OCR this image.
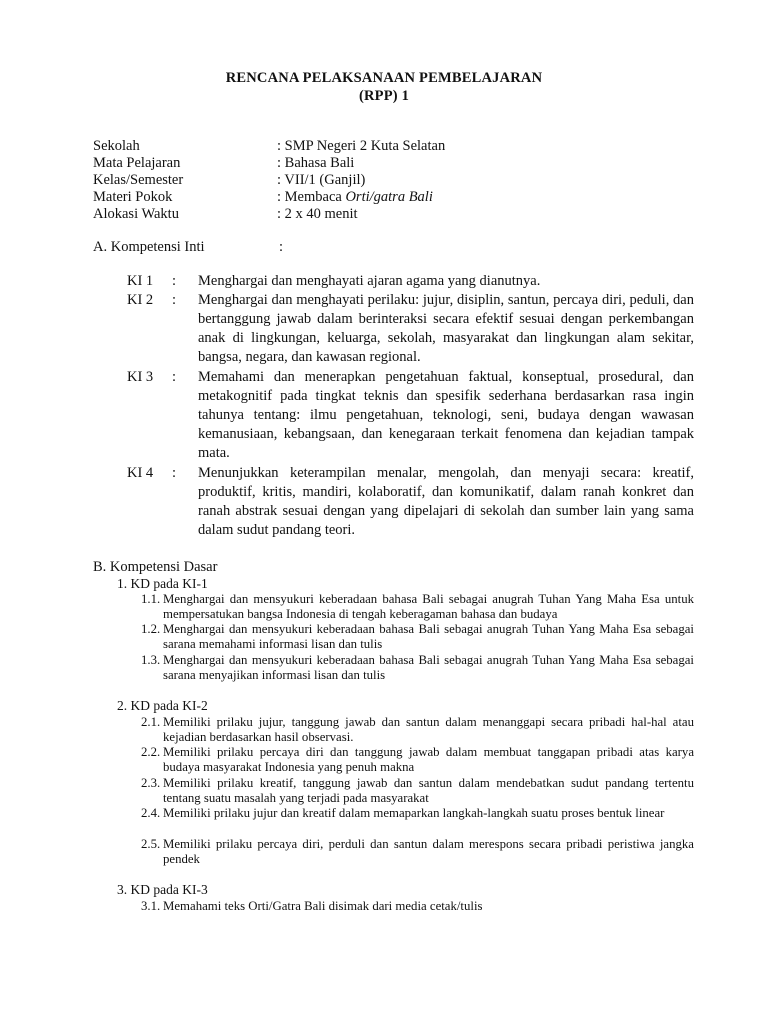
RENCANA PELAKSANAAN PEMBELAJARAN
(RPP) 1
Sekolah	: SMP Negeri 2 Kuta Selatan
Mata Pelajaran	: Bahasa Bali
Kelas/Semester	: VII/1 (Ganjil)
Materi Pokok	: Membaca Orti/gatra Bali
Alokasi Waktu	: 2 x 40 menit
A. Kompetensi Inti	:
KI 1 : Menghargai dan menghayati ajaran agama yang dianutnya.
KI 2 : Menghargai dan menghayati perilaku: jujur, disiplin, santun, percaya diri, peduli, dan bertanggung jawab dalam berinteraksi secara efektif sesuai dengan perkembangan anak di lingkungan, keluarga, sekolah, masyarakat dan lingkungan alam sekitar, bangsa, negara, dan kawasan regional.
KI 3 : Memahami dan menerapkan pengetahuan faktual, konseptual, prosedural, dan metakognitif pada tingkat teknis dan spesifik sederhana berdasarkan rasa ingin tahunya tentang: ilmu pengetahuan, teknologi, seni, budaya dengan wawasan kemanusiaan, kebangsaan, dan kenegaraan terkait fenomena dan kejadian tampak mata.
KI 4 : Menunjukkan keterampilan menalar, mengolah, dan menyaji secara: kreatif, produktif, kritis, mandiri, kolaboratif, dan komunikatif, dalam ranah konkret dan ranah abstrak sesuai dengan yang dipelajari di sekolah dan sumber lain yang sama dalam sudut pandang teori.
B. Kompetensi Dasar
1. KD pada KI-1
1.1. Menghargai dan mensyukuri keberadaan bahasa Bali sebagai anugrah Tuhan Yang Maha Esa untuk mempersatukan bangsa Indonesia di tengah keberagaman bahasa dan budaya
1.2. Menghargai dan mensyukuri keberadaan bahasa Bali sebagai anugrah Tuhan Yang Maha Esa sebagai sarana memahami informasi lisan dan tulis
1.3. Menghargai dan mensyukuri keberadaan bahasa Bali sebagai anugrah Tuhan Yang Maha Esa sebagai sarana menyajikan informasi lisan dan tulis
2. KD pada KI-2
2.1. Memiliki prilaku jujur, tanggung jawab dan santun dalam menanggapi secara pribadi hal-hal atau kejadian berdasarkan hasil observasi.
2.2. Memiliki prilaku percaya diri dan tanggung jawab dalam membuat tanggapan pribadi atas karya budaya masyarakat Indonesia yang penuh makna
2.3. Memiliki prilaku kreatif, tanggung jawab dan santun dalam mendebatkan sudut pandang tertentu tentang suatu masalah yang terjadi pada masyarakat
2.4. Memiliki prilaku jujur dan kreatif dalam memaparkan langkah-langkah suatu proses bentuk linear
2.5. Memiliki prilaku percaya diri, perduli dan santun dalam merespons secara pribadi peristiwa jangka pendek
3. KD pada KI-3
3.1. Memahami teks Orti/Gatra Bali disimak dari media cetak/tulis
